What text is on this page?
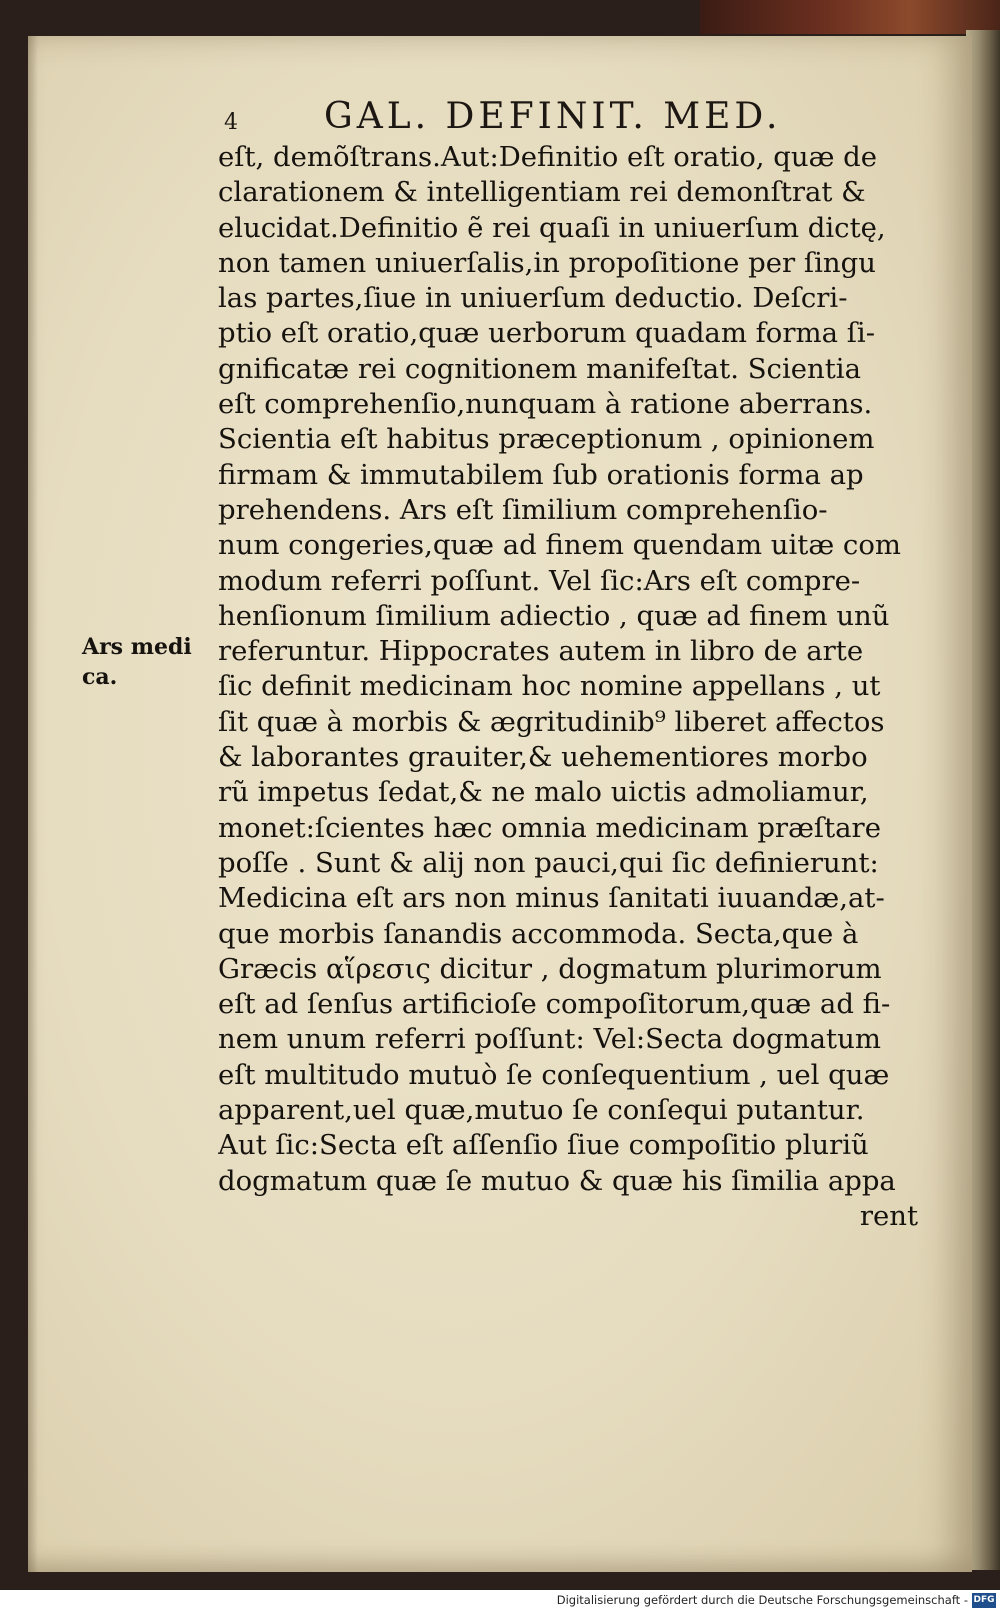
4 GAL. DEFINIT. MED.
Ars medi
ca.
eſt, demõſtrans.Aut:Definitio eſt oratio, quæ de
clarationem & intelligentiam rei demonſtrat &
elucidat.Definitio ẽ rei quaſi in uniuerſum dictę,
non tamen uniuerſalis,in propoſitione per ſingu
las partes,ſiue in uniuerſum deductio. Deſcri-
ptio eſt oratio,quæ uerborum quadam forma ſi-
gnificatæ rei cognitionem manifeſtat. Scientia
eſt comprehenſio,nunquam à ratione aberrans.
Scientia eſt habitus præceptionum , opinionem
firmam & immutabilem ſub orationis forma ap
prehendens. Ars eſt ſimilium comprehenſio-
num congeries,quæ ad finem quendam uitæ com
modum referri poſſunt. Vel ſic:Ars eſt compre-
henſionum ſimilium adiectio , quæ ad finem unũ
referuntur. Hippocrates autem in libro de arte
ſic definit medicinam hoc nomine appellans , ut
ſit quæ à morbis & ægritudinib⁹ liberet affectos
& laborantes grauiter,& uehementiores morbo
rũ impetus ſedat,& ne malo uictis admoliamur,
monet:ſcientes hæc omnia medicinam præſtare
poſſe . Sunt & alij non pauci,qui ſic definierunt:
Medicina eſt ars non minus ſanitati iuuandæ,at-
que morbis ſanandis accommoda. Secta,que à
Græcis αἵρεσις dicitur , dogmatum plurimorum
eſt ad ſenſus artificioſe compoſitorum,quæ ad fi-
nem unum referri poſſunt: Vel:Secta dogmatum
eſt multitudo mutuò ſe conſequentium , uel quæ
apparent,uel quæ,mutuo ſe conſequi putantur.
Aut ſic:Secta eſt aſſenſio ſiue compoſitio pluriũ
dogmatum quæ ſe mutuo & quæ his ſimilia appa
rent
Digitalisierung gefördert durch die Deutsche Forschungsgemeinschaft - DFG
